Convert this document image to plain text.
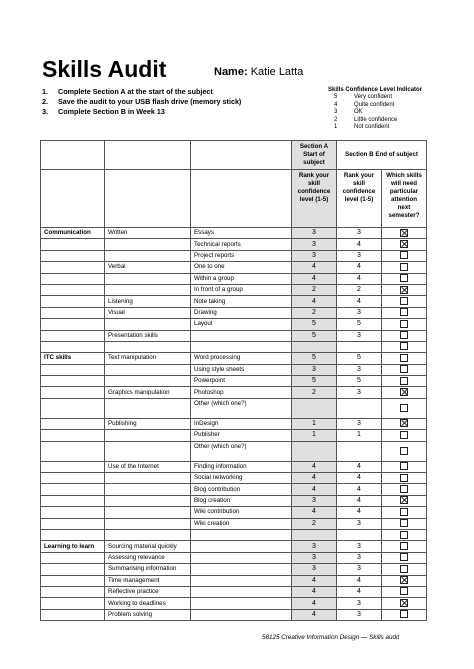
Skills Audit	Name: Katie Latta
1. Complete Section A at the start of the subject
2. Save the audit to your USB flash drive (memory stick)
3. Complete Section B in Week 13
Skills Confidence Level Indicator
5	Very confident
4	Quite confident
3	OK
2	Little confidence
1	Not confident
			Section A Start of subject	Section B End of subject	
			Rank your skill confidence level (1-5)	Rank your skill confidence level (1-5)	Which skills will need particular attention next semester?
Communication	Written	Essays	3	3	
		Technical reports	3	4	
		Project reports	3	3	
	Verbal	One to one	4	4	
		Within a group	4	4	
		In front of a group	2	2	
	Listening	Note taking	4	4	
	Visual	Drawing	2	3	
		Layout	5	5	
	Presentation skills		5	3	

ITC skills	Text manipulation	Word processing	5	5	
		Using style sheets	3	3	
		Powerpoint	5	5	
	Graphics manipulation	Photoshop	2	3	
		Other (which one?)			
	Publishing	InDesign	1	3	
		Publisher	1	1	
		Other (which one?)			
	Use of the Internet	Finding information	4	4	
		Social networking	4	4	
		Blog contribution	4	4	
		Blog creation	3	4	
		Wiki contribution	4	4	
		Wiki creation	2	3	

Learning to learn	Sourcing material quickly		3	3	
	Assessing relevance		3	3	
	Summarising information		3	3	
	Time management		4	4	
	Reflective practice		4	4	
	Working to deadlines		4	3	
	Problem solving		4	3	
58125 Creative Information Design — Skills audit
